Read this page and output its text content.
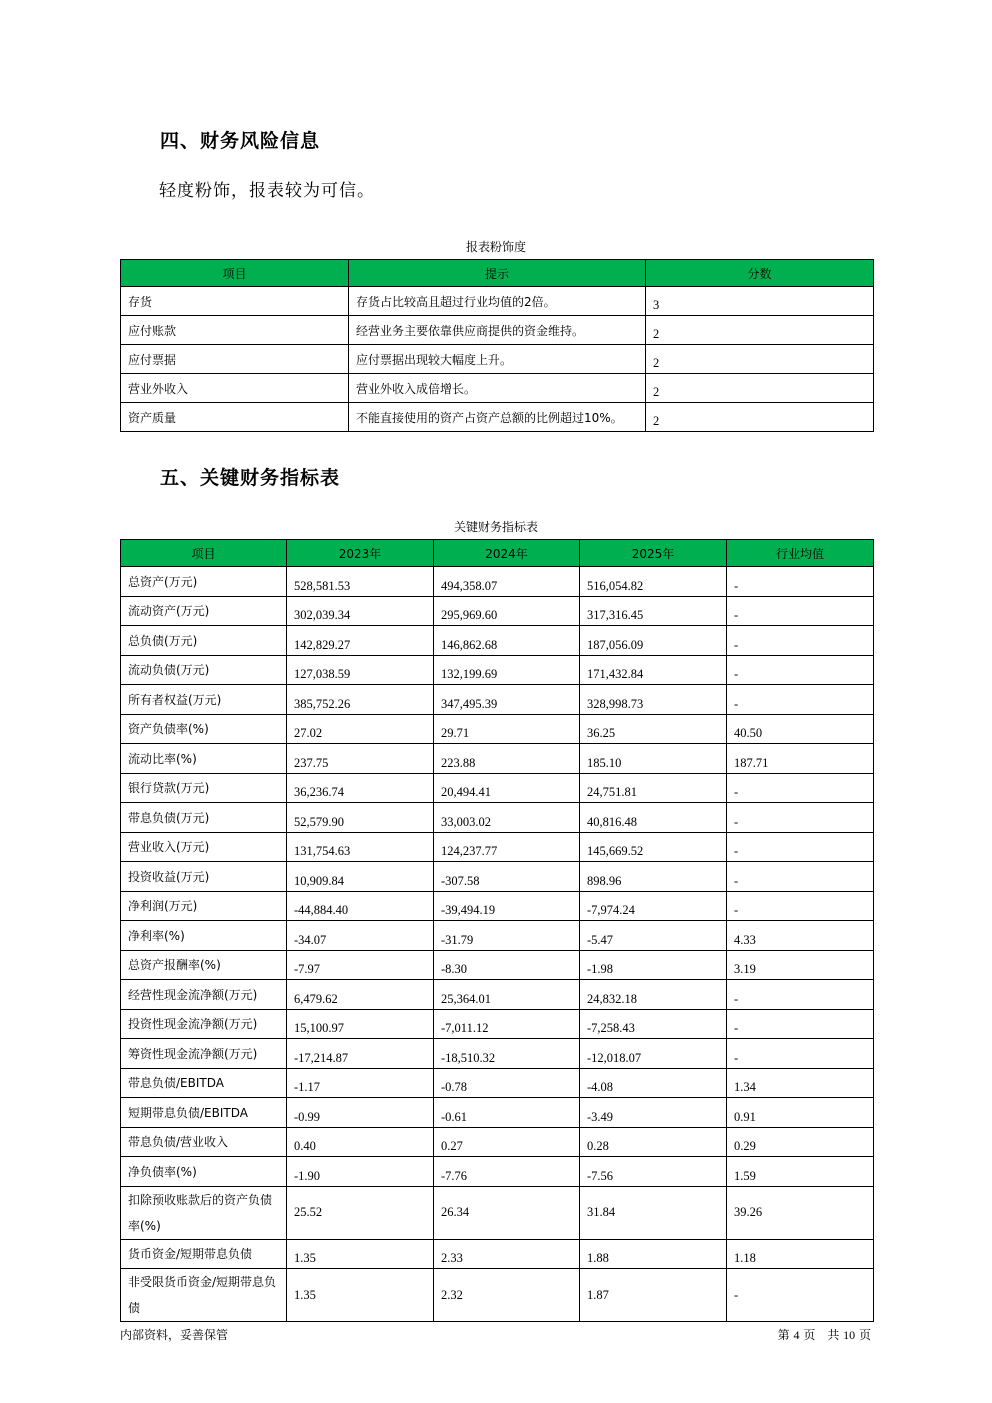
四、财务风险信息
轻度粉饰，报表较为可信。
报表粉饰度
项目	提示	分数
存货	存货占比较高且超过行业均值的2倍。	3
应付账款	经营业务主要依靠供应商提供的资金维持。	2
应付票据	应付票据出现较大幅度上升。	2
营业外收入	营业外收入成倍增长。	2
资产质量	不能直接使用的资产占资产总额的比例超过10%。	2
五、关键财务指标表
关键财务指标表
项目	2023年	2024年	2025年	行业均值
总资产(万元)	528,581.53	494,358.07	516,054.82	-
流动资产(万元)	302,039.34	295,969.60	317,316.45	-
总负债(万元)	142,829.27	146,862.68	187,056.09	-
流动负债(万元)	127,038.59	132,199.69	171,432.84	-
所有者权益(万元)	385,752.26	347,495.39	328,998.73	-
资产负债率(%)	27.02	29.71	36.25	40.50
流动比率(%)	237.75	223.88	185.10	187.71
银行贷款(万元)	36,236.74	20,494.41	24,751.81	-
带息负债(万元)	52,579.90	33,003.02	40,816.48	-
营业收入(万元)	131,754.63	124,237.77	145,669.52	-
投资收益(万元)	10,909.84	-307.58	898.96	-
净利润(万元)	-44,884.40	-39,494.19	-7,974.24	-
净利率(%)	-34.07	-31.79	-5.47	4.33
总资产报酬率(%)	-7.97	-8.30	-1.98	3.19
经营性现金流净额(万元)	6,479.62	25,364.01	24,832.18	-
投资性现金流净额(万元)	15,100.97	-7,011.12	-7,258.43	-
筹资性现金流净额(万元)	-17,214.87	-18,510.32	-12,018.07	-
带息负债/EBITDA	-1.17	-0.78	-4.08	1.34
短期带息负债/EBITDA	-0.99	-0.61	-3.49	0.91
带息负债/营业收入	0.40	0.27	0.28	0.29
净负债率(%)	-1.90	-7.76	-7.56	1.59
扣除预收账款后的资产负债率(%)	25.52	26.34	31.84	39.26
货币资金/短期带息负债	1.35	2.33	1.88	1.18
非受限货币资金/短期带息负债	1.35	2.32	1.87	-
内部资料，妥善保管	第 4 页　共 10 页
